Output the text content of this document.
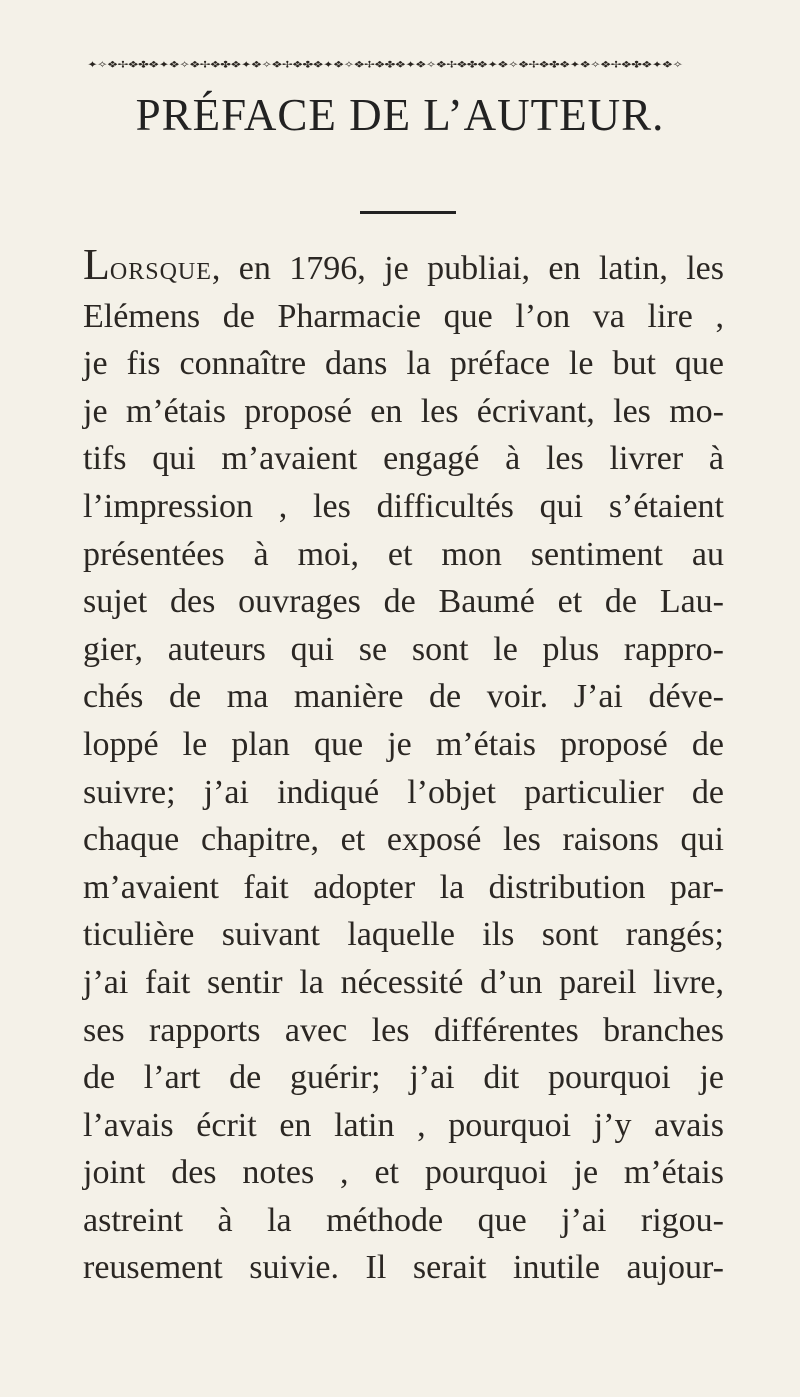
✦✧❖✢❖✤❖✦❖✧❖✢❖✤❖✦❖✧❖✢❖✤❖✦❖✧❖✢❖✤❖✦❖✧❖✢❖✤❖✦❖✧❖✢❖✤❖✦❖✧❖✢❖✤❖✦❖✧
PRÉFACE DE L’AUTEUR.
Lorsque, en 1796, je publiai, en latin, les
Elémens de Pharmacie que l’on va lire ,
je fis connaître dans la préface le but que
je m’étais proposé en les écrivant, les mo-
tifs qui m’avaient engagé à les livrer à
l’impression , les difficultés qui s’étaient
présentées à moi, et mon sentiment au
sujet des ouvrages de Baumé et de Lau-
gier, auteurs qui se sont le plus rappro-
chés de ma manière de voir. J’ai déve-
loppé le plan que je m’étais proposé de
suivre; j’ai indiqué l’objet particulier de
chaque chapitre, et exposé les raisons qui
m’avaient fait adopter la distribution par-
ticulière suivant laquelle ils sont rangés;
j’ai fait sentir la nécessité d’un pareil livre,
ses rapports avec les différentes branches
de l’art de guérir; j’ai dit pourquoi je
l’avais écrit en latin , pourquoi j’y avais
joint des notes , et pourquoi je m’étais
astreint à la méthode que j’ai rigou-
reusement suivie. Il serait inutile aujour-
